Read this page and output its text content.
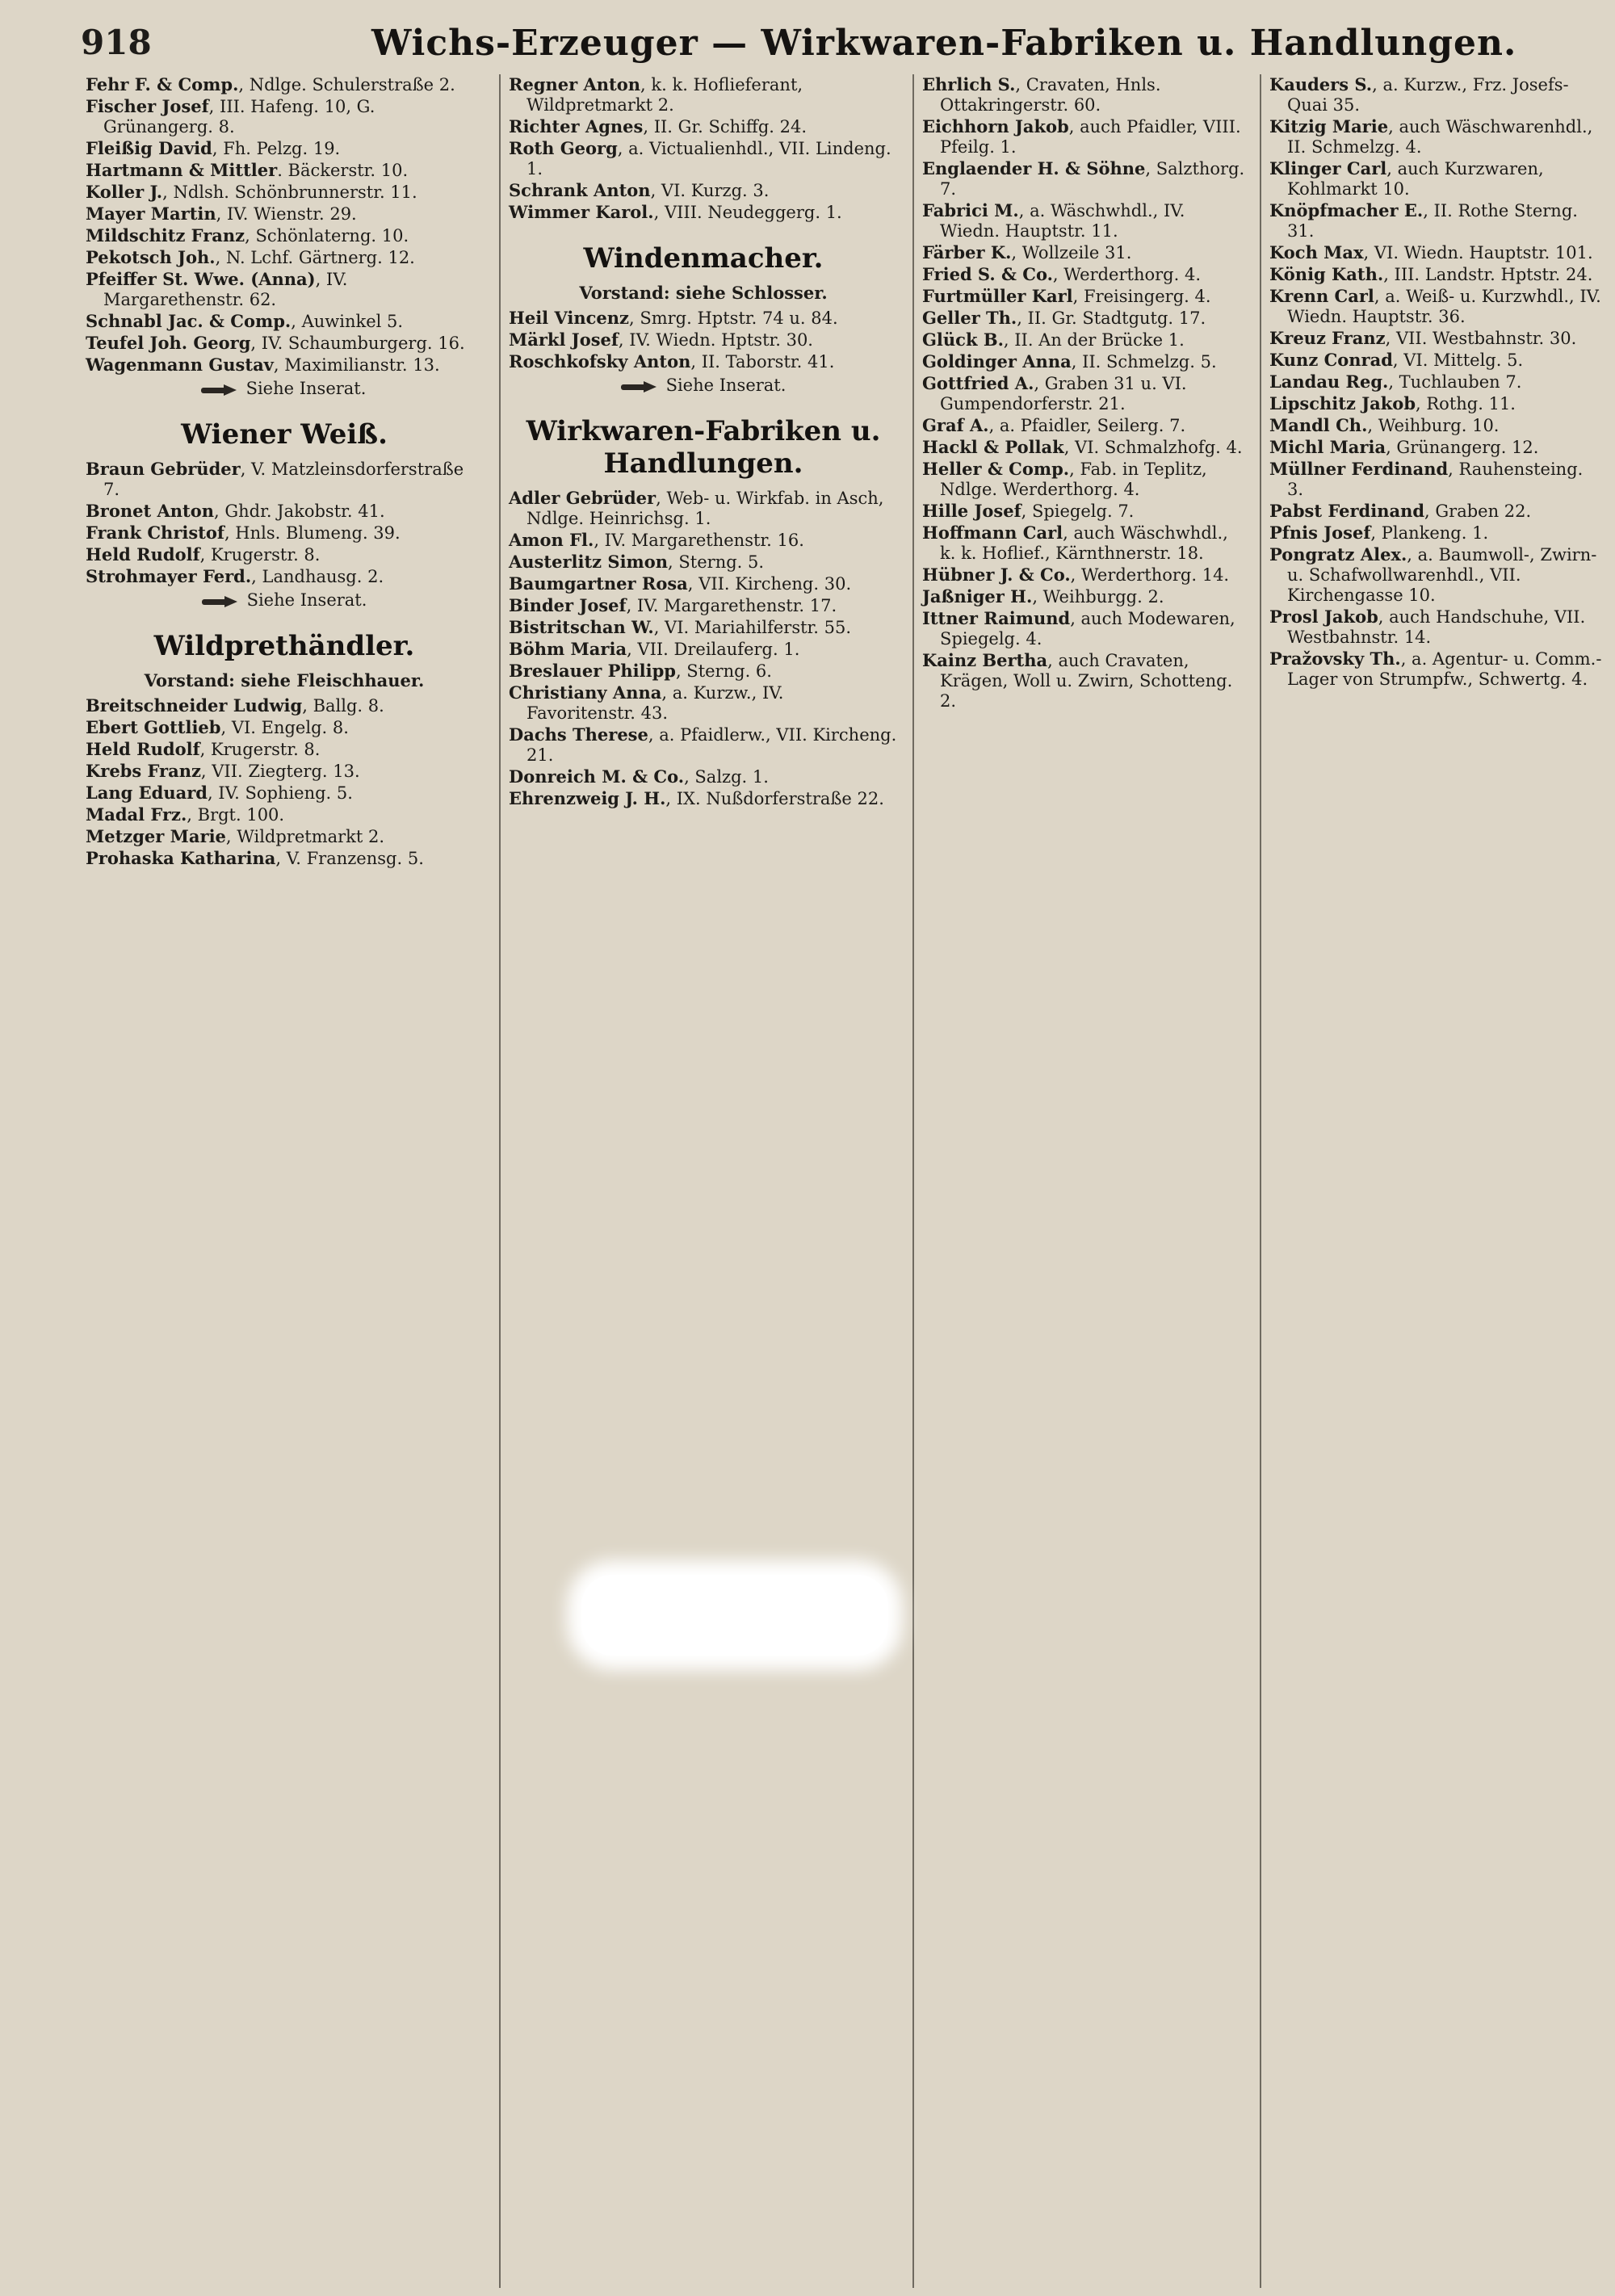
918	Wichs-Erzeuger — Wirkwaren-Fabriken u. Handlungen.
Fehr F. & Comp., Ndlge. Schulerstraße 2.
Fischer Josef, III. Hafeng. 10, G. Grünangerg. 8.
Fleißig David, Fh. Pelzg. 19.
Hartmann & Mittler. Bäckerstr. 10.
Koller J., Ndlsh. Schönbrunnerstr. 11.
Mayer Martin, IV. Wienstr. 29.
Mildschitz Franz, Schönlaterng. 10.
Pekotsch Joh., N. Lchf. Gärtnerg. 12.
Pfeiffer St. Wwe. (Anna), IV. Margarethenstr. 62.
Schnabl Jac. & Comp., Auwinkel 5.
Teufel Joh. Georg, IV. Schaumburgerg. 16.
Wagenmann Gustav, Maximilianstr. 13.
Siehe Inserat.
Wiener Weiß.
Braun Gebrüder, V. Matzleinsdorferstraße 7.
Bronet Anton, Ghdr. Jakobstr. 41.
Frank Christof, Hnls. Blumeng. 39.
Held Rudolf, Krugerstr. 8.
Strohmayer Ferd., Landhausg. 2.
Siehe Inserat.
Wildprethändler.
Vorstand: siehe Fleischhauer.
Breitschneider Ludwig, Ballg. 8.
Ebert Gottlieb, VI. Engelg. 8.
Held Rudolf, Krugerstr. 8.
Krebs Franz, VII. Ziegterg. 13.
Lang Eduard, IV. Sophieng. 5.
Madal Frz., Brgt. 100.
Metzger Marie, Wildpretmarkt 2.
Prohaska Katharina, V. Franzensg. 5.
Regner Anton, k. k. Hoflieferant, Wildpretmarkt 2.
Richter Agnes, II. Gr. Schiffg. 24.
Roth Georg, a. Victualienhdl., VII. Lindeng. 1.
Schrank Anton, VI. Kurzg. 3.
Wimmer Karol., VIII. Neudeggerg. 1.
Windenmacher.
Vorstand: siehe Schlosser.
Heil Vincenz, Smrg. Hptstr. 74 u. 84.
Märkl Josef, IV. Wiedn. Hptstr. 30.
Roschkofsky Anton, II. Taborstr. 41.
Siehe Inserat.
Wirkwaren-Fabriken u. Handlungen.
Adler Gebrüder, Web- u. Wirkfab. in Asch, Ndlge. Heinrichsg. 1.
Amon Fl., IV. Margarethenstr. 16.
Austerlitz Simon, Sterng. 5.
Baumgartner Rosa, VII. Kircheng. 30.
Binder Josef, IV. Margarethenstr. 17.
Bistritschan W., VI. Mariahilferstr. 55.
Böhm Maria, VII. Dreilauferg. 1.
Breslauer Philipp, Sterng. 6.
Christiany Anna, a. Kurzw., IV. Favoritenstr. 43.
Dachs Therese, a. Pfaidlerw., VII. Kircheng. 21.
Donreich M. & Co., Salzg. 1.
Ehrenzweig J. H., IX. Nußdorferstraße 22.
Ehrlich S., Cravaten, Hnls. Ottakringerstr. 60.
Eichhorn Jakob, auch Pfaidler, VIII. Pfeilg. 1.
Englaender H. & Söhne, Salzthorg. 7.
Fabrici M., a. Wäschwhdl., IV. Wiedn. Hauptstr. 11.
Färber K., Wollzeile 31.
Fried S. & Co., Werderthorg. 4.
Furtmüller Karl, Freisingerg. 4.
Geller Th., II. Gr. Stadtgutg. 17.
Glück B., II. An der Brücke 1.
Goldinger Anna, II. Schmelzg. 5.
Gottfried A., Graben 31 u. VI. Gumpendorferstr. 21.
Graf A., a. Pfaidler, Seilerg. 7.
Hackl & Pollak, VI. Schmalzhofg. 4.
Heller & Comp., Fab. in Teplitz, Ndlge. Werderthorg. 4.
Hille Josef, Spiegelg. 7.
Hoffmann Carl, auch Wäschwhdl., k. k. Hoflief., Kärnthnerstr. 18.
Hübner J. & Co., Werderthorg. 14.
Jaßniger H., Weihburgg. 2.
Ittner Raimund, auch Modewaren, Spiegelg. 4.
Kainz Bertha, auch Cravaten, Krägen, Woll u. Zwirn, Schotteng. 2.
Kauders S., a. Kurzw., Frz. Josefs-Quai 35.
Kitzig Marie, auch Wäschwarenhdl., II. Schmelzg. 4.
Klinger Carl, auch Kurzwaren, Kohlmarkt 10.
Knöpfmacher E., II. Rothe Sterng. 31.
Koch Max, VI. Wiedn. Hauptstr. 101.
König Kath., III. Landstr. Hptstr. 24.
Krenn Carl, a. Weiß- u. Kurzwhdl., IV. Wiedn. Hauptstr. 36.
Kreuz Franz, VII. Westbahnstr. 30.
Kunz Conrad, VI. Mittelg. 5.
Landau Reg., Tuchlauben 7.
Lipschitz Jakob, Rothg. 11.
Mandl Ch., Weihburg. 10.
Michl Maria, Grünangerg. 12.
Müllner Ferdinand, Rauhensteing. 3.
Pabst Ferdinand, Graben 22.
Pfnis Josef, Plankeng. 1.
Pongratz Alex., a. Baumwoll-, Zwirn- u. Schafwollwarenhdl., VII. Kirchengasse 10.
Prosl Jakob, auch Handschuhe, VII. Westbahnstr. 14.
Pražovsky Th., a. Agentur- u. Comm.-Lager von Strumpfw., Schwertg. 4.
